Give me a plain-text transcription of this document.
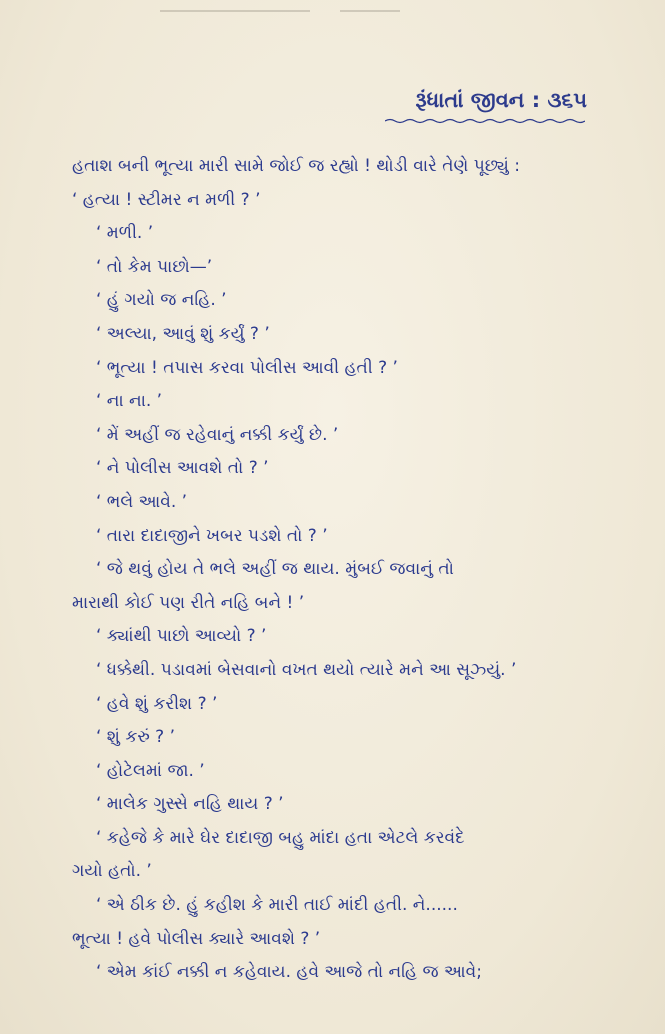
રૂંધાતાં જીવન : ૩૬૫
હતાશ બની ભૂત્યા મારી સામે જોઈ જ રહ્યો ! થોડી વારે તેણે પૂછ્યું :
‘ હત્યા ! સ્ટીમર ન મળી ? ’
‘ મળી. ’
‘ તો કેમ પાછો—’
‘ હું ગયો જ નહિ. ’
‘ અલ્યા, આવું શું કર્યું ? ’
‘ ભૂત્યા ! તપાસ કરવા પોલીસ આવી હતી ? ’
‘ ના ના. ’
‘ મેં અહીં જ રહેવાનું નક્કી કર્યું છે. ’
‘ ને પોલીસ આવશે તો ? ’
‘ ભલે આવે. ’
‘ તારા દાદાજીને ખબર પડશે તો ? ’
‘ જે થવું હોય તે ભલે અહીં જ થાય. મુંબઈ જવાનું તો
મારાથી કોઈ પણ રીતે નહિ બને ! ’
‘ ક્યાંથી પાછો આવ્યો ? ’
‘ ધક્કેથી. પડાવમાં બેસવાનો વખત થયો ત્યારે મને આ સૂઝ્યું. ’
‘ હવે શું કરીશ ? ’
‘ શું કરું ? ’
‘ હોટેલમાં જા. ’
‘ માલેક ગુસ્સે નહિ થાય ? ’
‘ કહેજે કે મારે ઘેર દાદાજી બહુ માંદા હતા એટલે કરવંદે
ગયો હતો. ’
‘ એ ઠીક છે. હું કહીશ કે મારી તાઈ માંદી હતી. ને......
ભૂત્યા ! હવે પોલીસ ક્યારે આવશે ? ’
‘ એમ કાંઈ નક્કી ન કહેવાય. હવે આજે તો નહિ જ આવે;
